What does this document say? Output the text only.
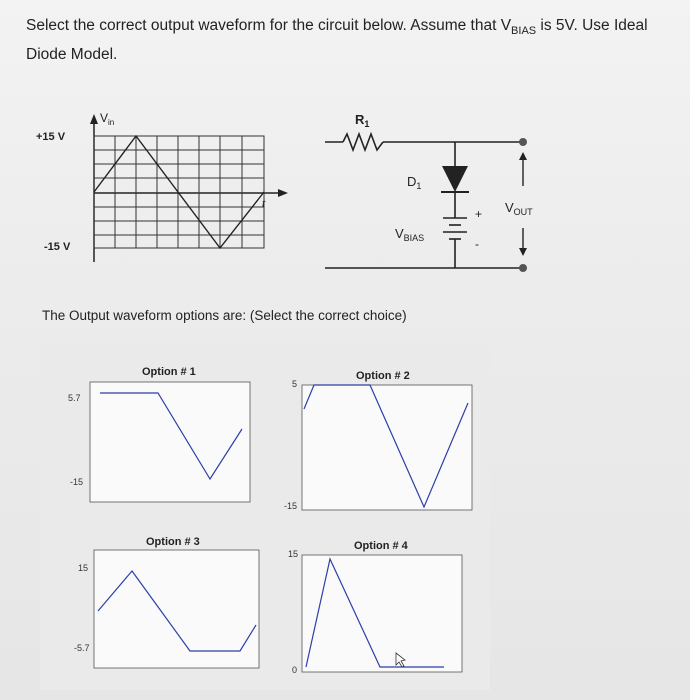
Select the correct output waveform for the circuit below. Assume that $V_{BIAS}$ is 5V. Use Ideal Diode Model.
$V_{in}$
+15 V
-15 V
t
$R_1$
$D_1$
+
-
$V_{BIAS}$
$V_{OUT}$
The Output waveform options are: (Select the correct choice)
Option # 1
5.7
-15
Option # 2
5
-15
Option # 3
15
-5.7
Option # 4
15
0
